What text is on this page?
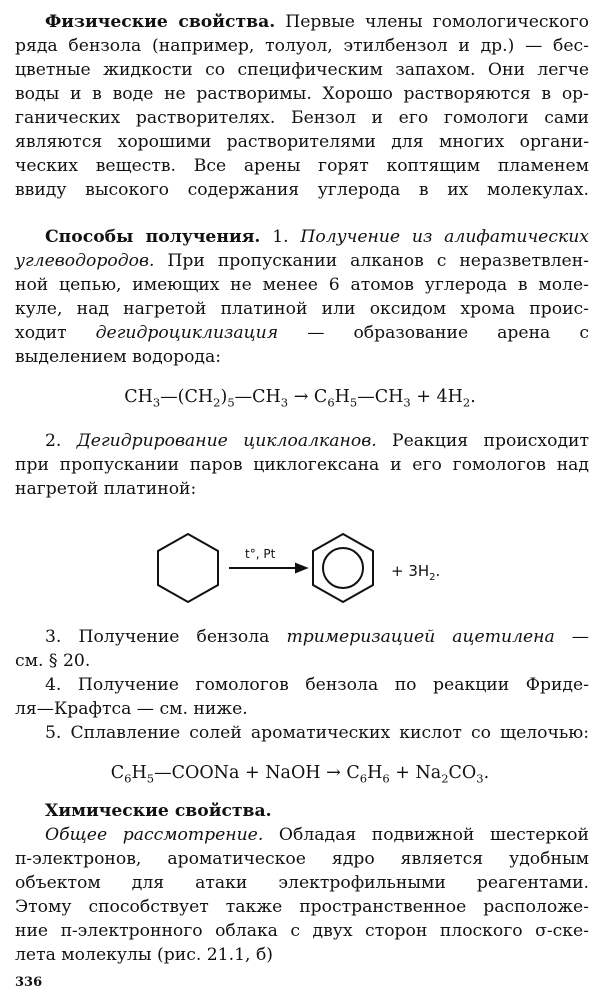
Физические свойства. Первые члены гомологического
ряда бензола (например, толуол, этилбензол и др.) — бес-
цветные жидкости со специфическим запахом. Они легче
воды и в воде не растворимы. Хорошо растворяются в ор-
ганических растворителях. Бензол и его гомологи сами
являются хорошими растворителями для многих органи-
ческих веществ. Все арены горят коптящим пламенем
ввиду высокого содержания углерода в их молекулах.
Способы получения. 1. Получение из алифатических
углеводородов. При пропускании алканов с неразветвлен-
ной цепью, имеющих не менее 6 атомов углерода в моле-
куле, над нагретой платиной или оксидом хрома проис-
ходит дегидроциклизация — образование арена с
выделением водорода:
$CH_3—(CH_2)_5—CH_3$ → $C_6H_5—CH_3 + 4H_2$.
2. Дегидрирование циклоалканов. Реакция происходит
при пропускании паров циклогексана и его гомологов над
нагретой платиной:
t°, Pt
+ $3H_2$.
3. Получение бензола тримеризацией ацетилена —
см. § 20.
4. Получение гомологов бензола по реакции Фриде-
ля—Крафтса — см. ниже.
5. Сплавление солей ароматических кислот со щелочью:
$C_6H_5—COONa$ + NaOH → $C_6H_6 + Na_2CO_3$.
Химические свойства.
Общее рассмотрение. Обладая подвижной шестеркой
π-электронов, ароматическое ядро является удобным
объектом для атаки электрофильными реагентами.
Этому способствует также пространственное расположе-
ние π-электронного облака с двух сторон плоского σ-ске-
лета молекулы (рис. 21.1, б)
336
